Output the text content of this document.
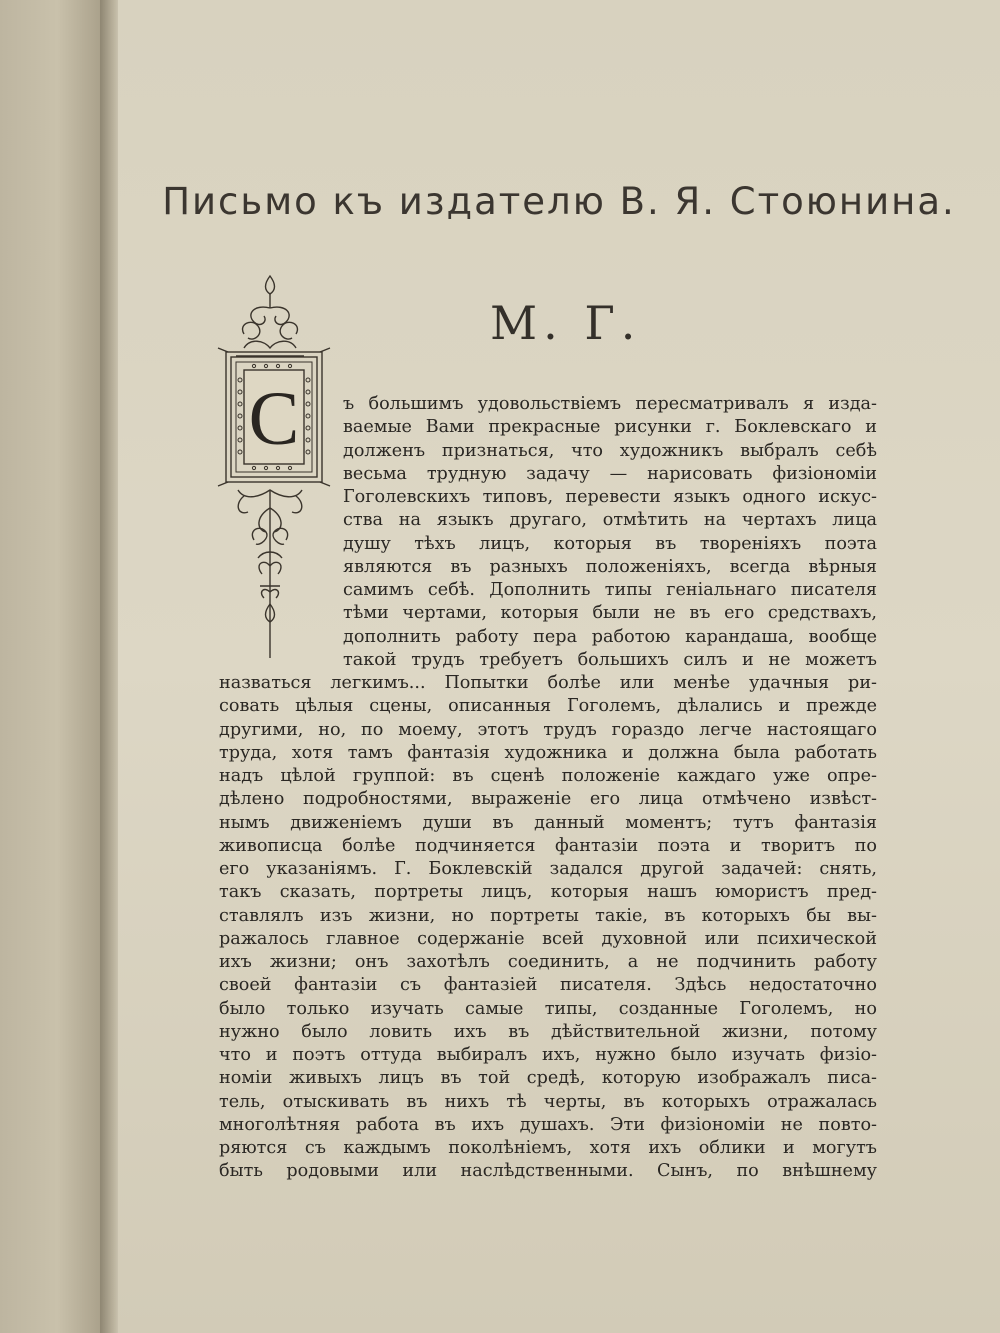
Письмо къ издателю В. Я. Стоюнина.
М. Г.
С ъ большимъ удовольствіемъ пересматривалъ я изда-
ваемые Вами прекрасные рисунки г. Боклевскаго и
долженъ признаться, что художникъ выбралъ себѣ
весьма трудную задачу — нарисовать физіономіи
Гоголевскихъ типовъ, перевести языкъ одного искус-
ства на языкъ другаго, отмѣтить на чертахъ лица
душу тѣхъ лицъ, которыя въ твореніяхъ поэта
являются въ разныхъ положеніяхъ, всегда вѣрныя
самимъ себѣ. Дополнить типы геніальнаго писателя
тѣми чертами, которыя были не въ его средствахъ,
дополнить работу пера работою карандаша, вообще
такой трудъ требуетъ большихъ силъ и не можетъ
назваться легкимъ... Попытки болѣе или менѣе удачныя ри-
совать цѣлыя сцены, описанныя Гоголемъ, дѣлались и прежде
другими, но, по моему, этотъ трудъ гораздо легче настоящаго
труда, хотя тамъ фантазія художника и должна была работать
надъ цѣлой группой: въ сценѣ положеніе каждаго уже опре-
дѣлено подробностями, выраженіе его лица отмѣчено извѣст-
нымъ движеніемъ души въ данный моментъ; тутъ фантазія
живописца болѣе подчиняется фантазіи поэта и творитъ по
его указаніямъ. Г. Боклевскій задался другой задачей: снять,
такъ сказать, портреты лицъ, которыя нашъ юмористъ пред-
ставлялъ изъ жизни, но портреты такіе, въ которыхъ бы вы-
ражалось главное содержаніе всей духовной или психической
ихъ жизни; онъ захотѣлъ соединить, а не подчинить работу
своей фантазіи съ фантазіей писателя. Здѣсь недостаточно
было только изучать самые типы, созданные Гоголемъ, но
нужно было ловить ихъ въ дѣйствительной жизни, потому
что и поэтъ оттуда выбиралъ ихъ, нужно было изучать физіо-
номіи живыхъ лицъ въ той средѣ, которую изображалъ писа-
тель, отыскивать въ нихъ тѣ черты, въ которыхъ отражалась
многолѣтняя работа въ ихъ душахъ. Эти физіономіи не повто-
ряются съ каждымъ поколѣніемъ, хотя ихъ облики и могутъ
быть родовыми или наслѣдственными. Сынъ, по внѣшнему
